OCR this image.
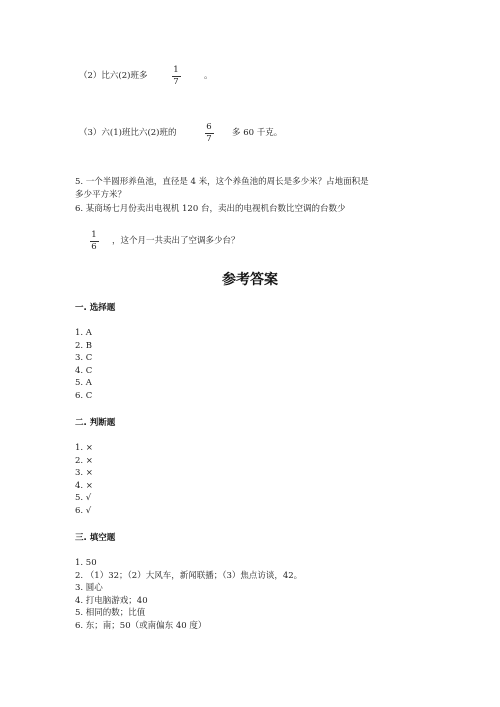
（2）比六(2)班多
1
7
。
（3）六(1)班比六(2)班的
6
7
多 60 千克。
5. 一个半圆形养鱼池，直径是 4 米，这个养鱼池的周长是多少米？占地面积是
多少平方米？
6. 某商场七月份卖出电视机 120 台，卖出的电视机台数比空调的台数少
1
6
，这个月一共卖出了空调多少台？
参考答案
一. 选择题
1. A
2. B
3. C
4. C
5. A
6. C
二. 判断题
1. ×
2. ×
3. ×
4. ×
5. √
6. √
三. 填空题
1. 50
2. （1）32；（2）大风车，新闻联播；（3）焦点访谈，42。
3. 圆心
4. 打电脑游戏；40
5. 相同的数；比值
6. 东；南；50（或南偏东 40 度）
